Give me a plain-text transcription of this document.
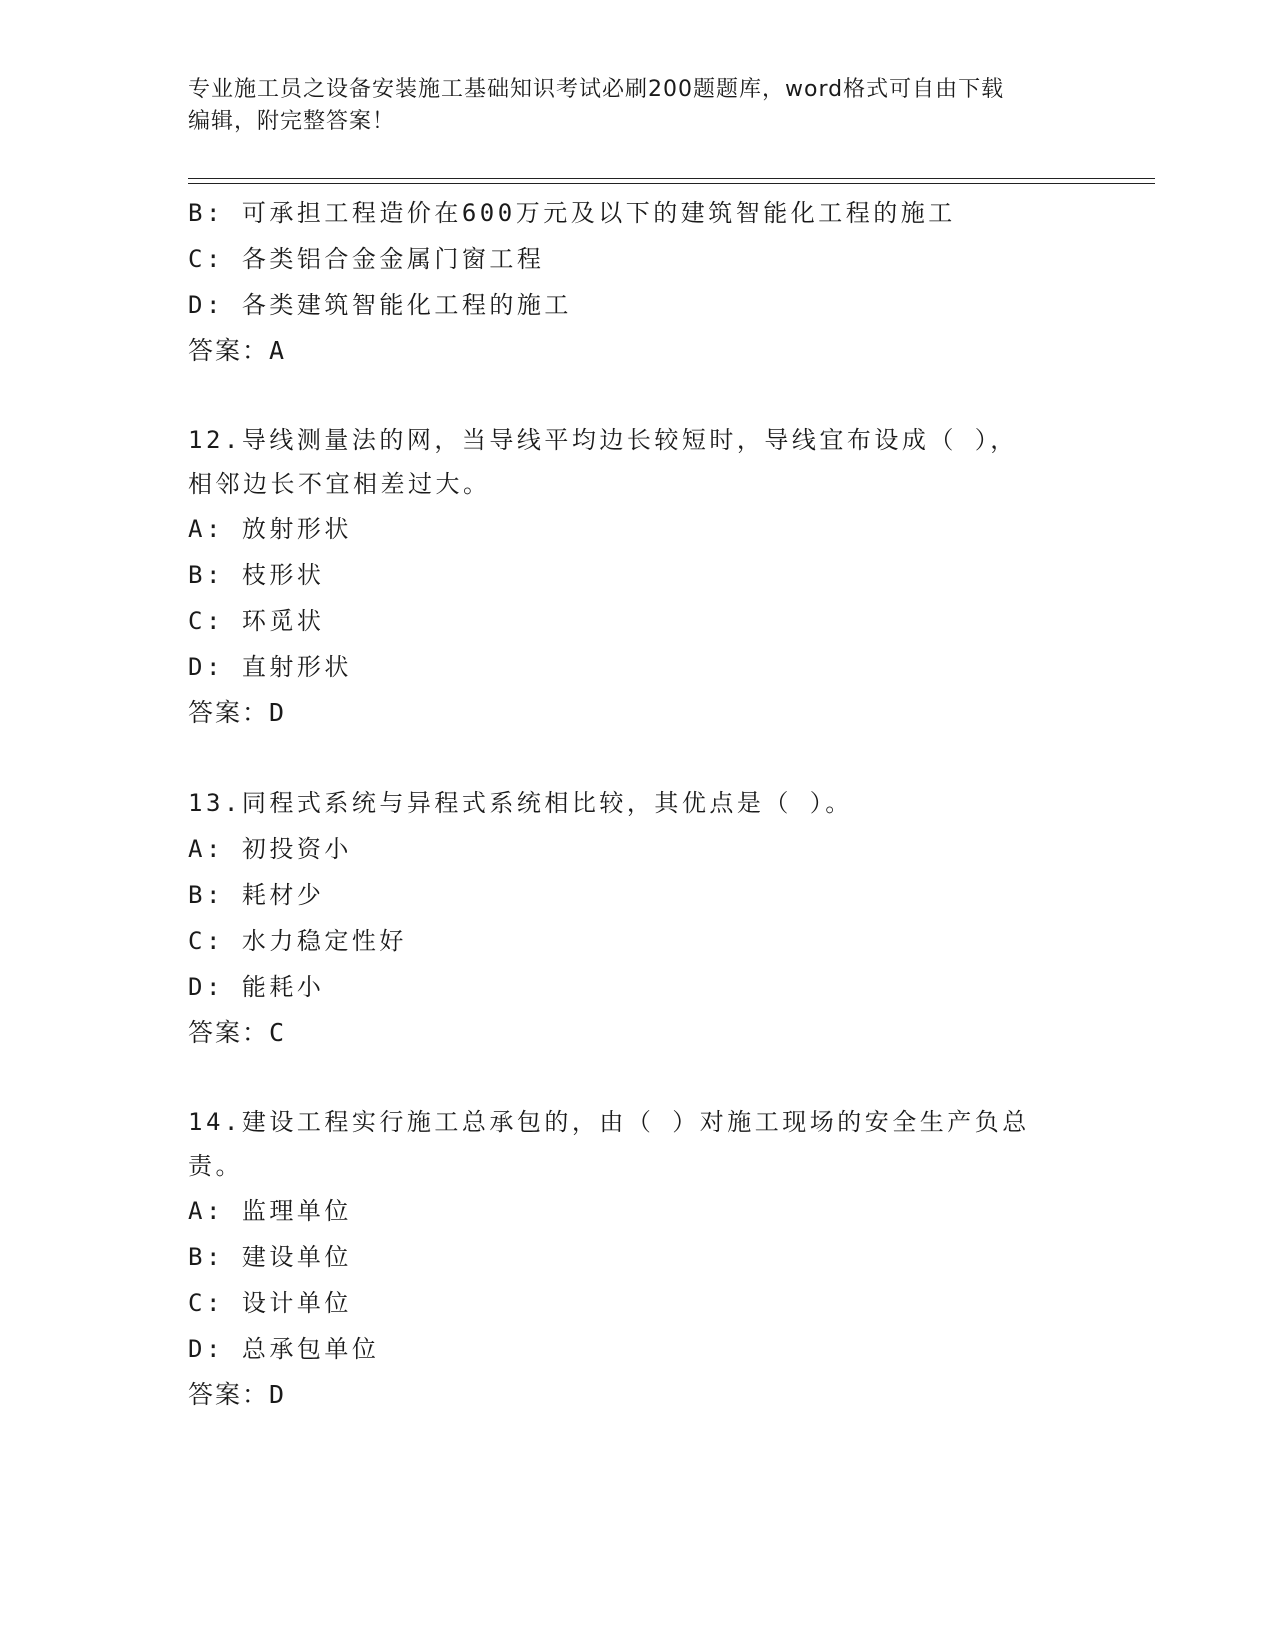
专业施工员之设备安装施工基础知识考试必刷200题题库，word格式可自由下载
编辑，附完整答案！
B: 可承担工程造价在600万元及以下的建筑智能化工程的施工
C: 各类铝合金金属门窗工程
D: 各类建筑智能化工程的施工
答案：A
12.导线测量法的网，当导线平均边长较短时，导线宜布设成（ ），
相邻边长不宜相差过大。
A: 放射形状
B: 枝形状
C: 环觅状
D: 直射形状
答案：D
13.同程式系统与异程式系统相比较，其优点是（ ）。
A: 初投资小
B: 耗材少
C: 水力稳定性好
D: 能耗小
答案：C
14.建设工程实行施工总承包的，由（ ）对施工现场的安全生产负总
责。
A: 监理单位
B: 建设单位
C: 设计单位
D: 总承包单位
答案：D
